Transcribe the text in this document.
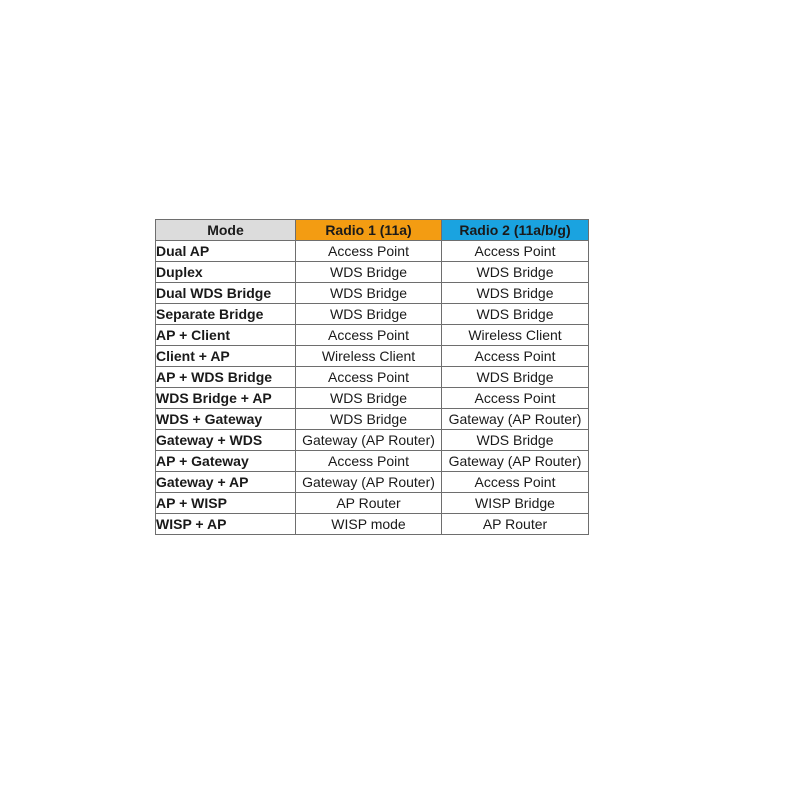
Mode	Radio 1 (11a)	Radio 2 (11a/b/g)
Dual AP	Access Point	Access Point
Duplex	WDS Bridge	WDS Bridge
Dual WDS Bridge	WDS Bridge	WDS Bridge
Separate Bridge	WDS Bridge	WDS Bridge
AP + Client	Access Point	Wireless Client
Client + AP	Wireless Client	Access Point
AP + WDS Bridge	Access Point	WDS Bridge
WDS Bridge + AP	WDS Bridge	Access Point
WDS + Gateway	WDS Bridge	Gateway (AP Router)
Gateway + WDS	Gateway (AP Router)	WDS Bridge
AP + Gateway	Access Point	Gateway (AP Router)
Gateway + AP	Gateway (AP Router)	Access Point
AP + WISP	AP Router	WISP Bridge
WISP + AP	WISP mode	AP Router
